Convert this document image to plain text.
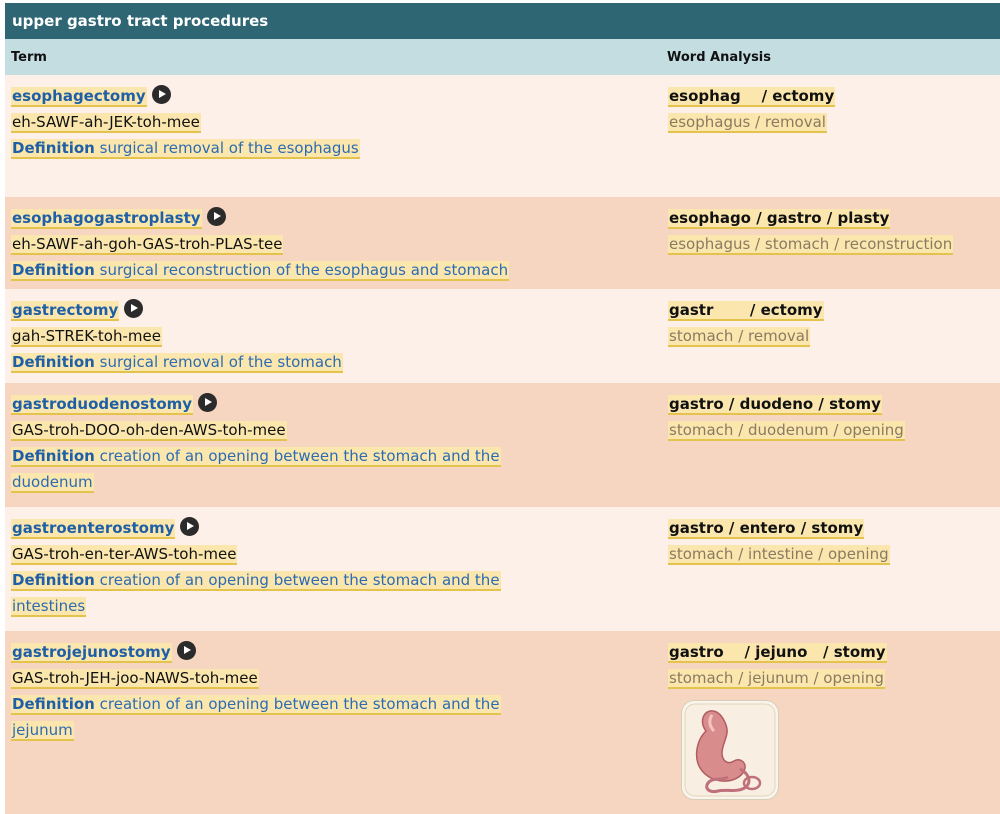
upper gastro tract procedures
Term	Word Analysis
esophagectomy
eh-SAWF-ah-JEK-toh-mee
Definition surgical removal of the esophagus
esophag    / ectomy
esophagus / removal
esophagogastroplasty
eh-SAWF-ah-goh-GAS-troh-PLAS-tee
Definition surgical reconstruction of the esophagus and stomach
esophago / gastro / plasty
esophagus / stomach / reconstruction
gastrectomy
gah-STREK-toh-mee
Definition surgical removal of the stomach
gastr       / ectomy
stomach / removal
gastroduodenostomy
GAS-troh-DOO-oh-den-AWS-toh-mee
Definition creation of an opening between the stomach and the
duodenum
gastro / duodeno / stomy
stomach / duodenum / opening
gastroenterostomy
GAS-troh-en-ter-AWS-toh-mee
Definition creation of an opening between the stomach and the
intestines
gastro / entero / stomy
stomach / intestine / opening
gastrojejunostomy
GAS-troh-JEH-joo-NAWS-toh-mee
Definition creation of an opening between the stomach and the
jejunum
gastro    / jejuno   / stomy
stomach / jejunum / opening
